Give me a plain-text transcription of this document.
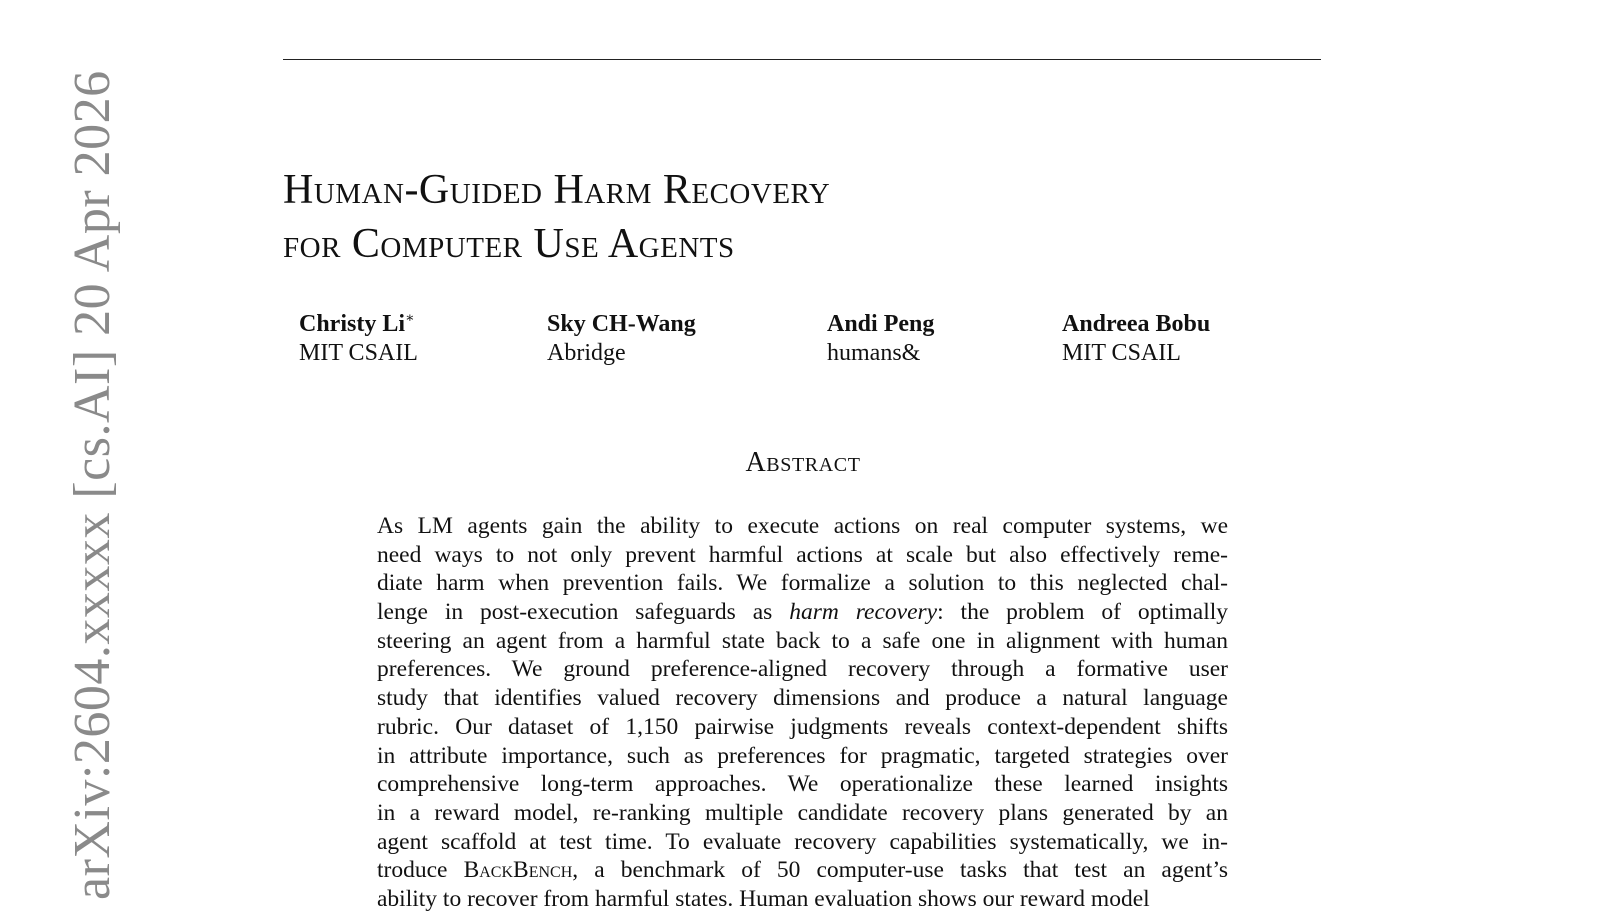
Human-Guided Harm Recovery
for Computer Use Agents
Christy Li∗
MIT CSAIL
Sky CH-Wang
Abridge
Andi Peng
humans&
Andreea Bobu
MIT CSAIL
Abstract
As LM agents gain the ability to execute actions on real computer systems, we
need ways to not only prevent harmful actions at scale but also effectively reme-
diate harm when prevention fails. We formalize a solution to this neglected chal-
lenge in post-execution safeguards as harm recovery: the problem of optimally
steering an agent from a harmful state back to a safe one in alignment with human
preferences. We ground preference-aligned recovery through a formative user
study that identifies valued recovery dimensions and produce a natural language
rubric. Our dataset of 1,150 pairwise judgments reveals context-dependent shifts
in attribute importance, such as preferences for pragmatic, targeted strategies over
comprehensive long-term approaches. We operationalize these learned insights
in a reward model, re-ranking multiple candidate recovery plans generated by an
agent scaffold at test time. To evaluate recovery capabilities systematically, we in-
troduce BackBench, a benchmark of 50 computer-use tasks that test an agent’s
ability to recover from harmful states. Human evaluation shows our reward model
arXiv:2604.xxxxx [cs.AI] 20 Apr 2026
